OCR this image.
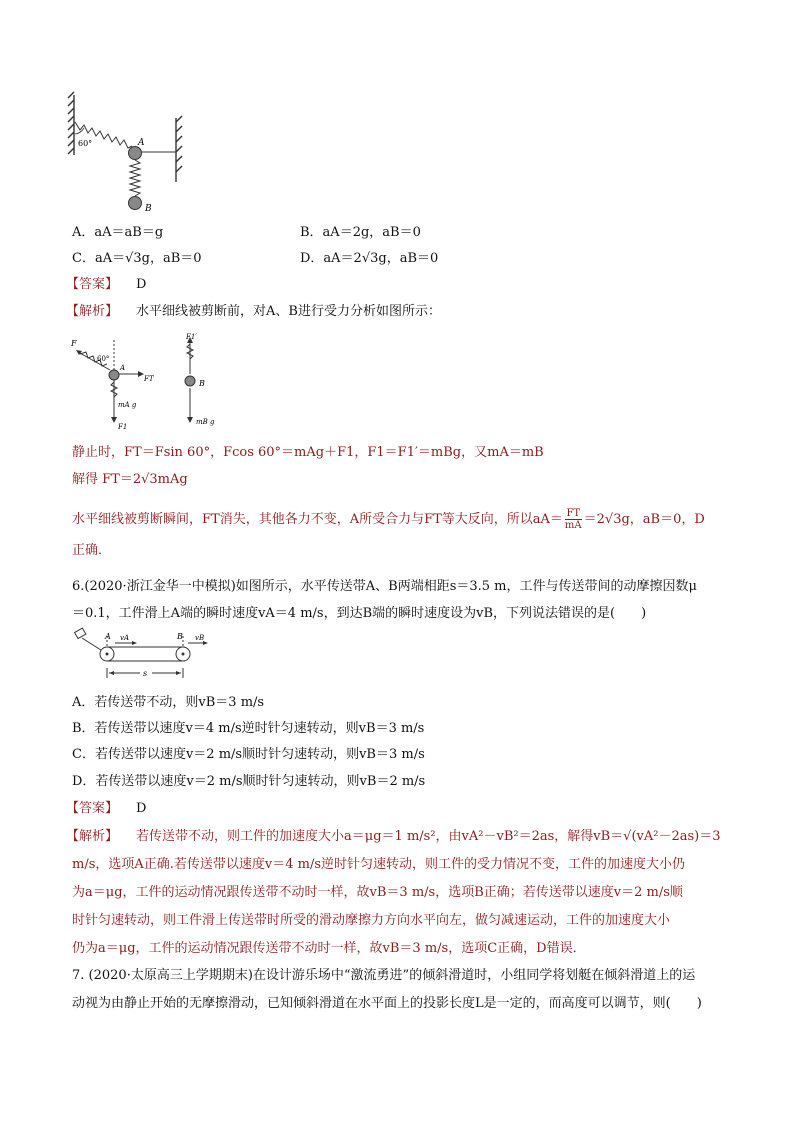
60°	A
B
A．aA＝aB＝g	B．aA＝2g，aB＝0
C．aA＝√3g，aB＝0	D．aA＝2√3g，aB＝0
【答案】 D
【解析】 水平细线被剪断前，对A、B进行受力分析如图所示：
F
60°
A
FT
mA g
F1
F1′
B
mB g
静止时，FT＝Fsin 60°，Fcos 60°＝mAg＋F1，F1＝F1′＝mBg，又mA＝mB
解得 FT＝2√3mAg
水平细线被剪断瞬间，FT消失，其他各力不变，A所受合力与FT等大反向，所以$aA= \frac{FT}{mA} =2√3g$，aB＝0，D
正确．
6.(2020·浙江金华一中模拟)如图所示，水平传送带A、B两端相距s＝3.5 m，工件与传送带间的动摩擦因数μ
＝0.1，工件滑上A端的瞬时速度vA＝4 m/s，到达B端的瞬时速度设为vB，下列说法错误的是(　　)
A	B
vA	vB
s
A．若传送带不动，则vB＝3 m/s
B．若传送带以速度v＝4 m/s逆时针匀速转动，则vB＝3 m/s
C．若传送带以速度v＝2 m/s顺时针匀速转动，则vB＝3 m/s
D．若传送带以速度v＝2 m/s顺时针匀速转动，则vB＝2 m/s
【答案】 D
【解析】 若传送带不动，则工件的加速度大小a＝μg＝1 m/s²，由vA²－vB²＝2as，解得vB＝√(vA²－2as)＝3
m/s，选项A正确.若传送带以速度v＝4 m/s逆时针匀速转动，则工件的受力情况不变，工件的加速度大小仍
为a＝μg，工件的运动情况跟传送带不动时一样，故vB＝3 m/s，选项B正确；若传送带以速度v＝2 m/s顺
时针匀速转动，则工件滑上传送带时所受的滑动摩擦力方向水平向左，做匀减速运动，工件的加速度大小
仍为a＝μg，工件的运动情况跟传送带不动时一样，故vB＝3 m/s，选项C正确，D错误．
7. (2020·太原高三上学期期末)在设计游乐场中“激流勇进”的倾斜滑道时，小组同学将划艇在倾斜滑道上的运
动视为由静止开始的无摩擦滑动，已知倾斜滑道在水平面上的投影长度L是一定的，而高度可以调节，则(　　)
